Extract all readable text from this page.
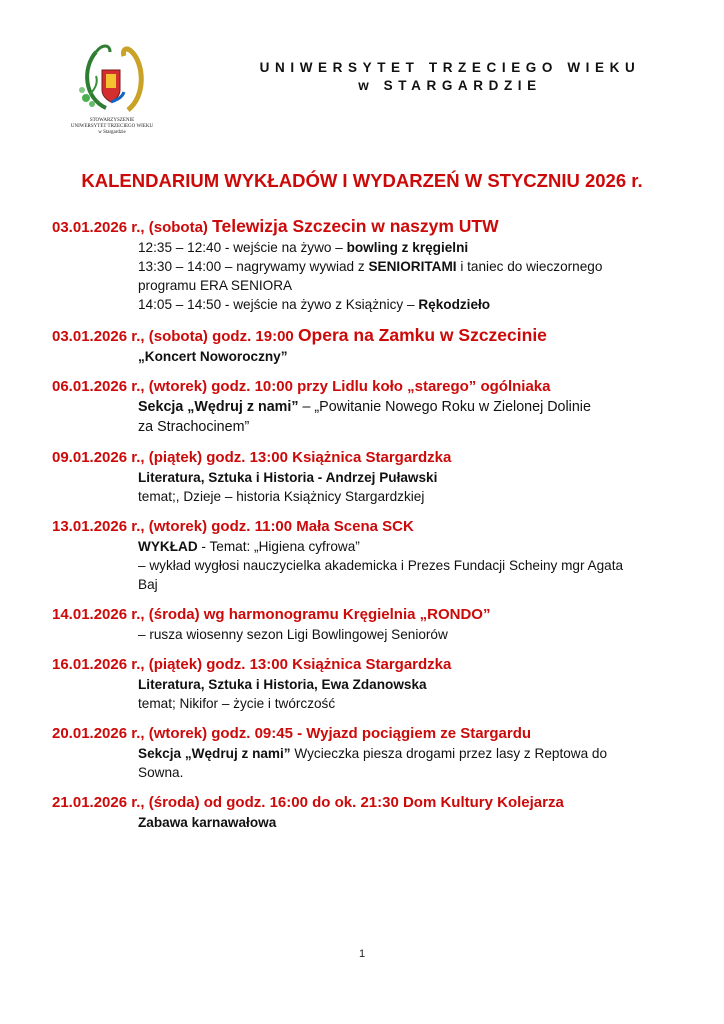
STOWARZYSZENIE
UNIWERSYTET TRZECIEGO WIEKU
w Stargardzie
UNIWERSYTET TRZECIEGO WIEKU
w STARGARDZIE
KALENDARIUM WYKŁADÓW I WYDARZEŃ W STYCZNIU 2026 r.
03.01.2026 r., (sobota) Telewizja Szczecin w naszym UTW
12:35 – 12:40 - wejście na żywo – bowling z kręgielni
13:30 – 14:00 – nagrywamy wywiad z SENIORITAMI i taniec do wieczornego
programu ERA SENIORA
14:05 – 14:50 - wejście na żywo z Książnicy – Rękodzieło
03.01.2026 r., (sobota) godz. 19:00 Opera na Zamku w Szczecinie
„Koncert Noworoczny”
06.01.2026 r., (wtorek) godz. 10:00 przy Lidlu koło „starego” ogólniaka
Sekcja „Wędruj z nami” – „Powitanie Nowego Roku w Zielonej Dolinie
za Strachocinem”
09.01.2026 r., (piątek) godz. 13:00 Książnica Stargardzka
Literatura, Sztuka i Historia - Andrzej Puławski
temat;, Dzieje – historia Książnicy Stargardzkiej
13.01.2026 r., (wtorek) godz. 11:00 Mała Scena SCK
WYKŁAD - Temat: „Higiena cyfrowa”
– wykład wygłosi nauczycielka akademicka i Prezes Fundacji Scheiny mgr Agata
Baj
14.01.2026 r., (środa) wg harmonogramu Kręgielnia „RONDO”
– rusza wiosenny sezon Ligi Bowlingowej Seniorów
16.01.2026 r., (piątek) godz. 13:00 Książnica Stargardzka
Literatura, Sztuka i Historia, Ewa Zdanowska
temat; Nikifor – życie i twórczość
20.01.2026 r., (wtorek) godz. 09:45 - Wyjazd pociągiem ze Stargardu
Sekcja „Wędruj z nami” Wycieczka piesza drogami przez lasy z Reptowa do
Sowna.
21.01.2026 r., (środa) od godz. 16:00 do ok. 21:30 Dom Kultury Kolejarza
Zabawa karnawałowa
1
